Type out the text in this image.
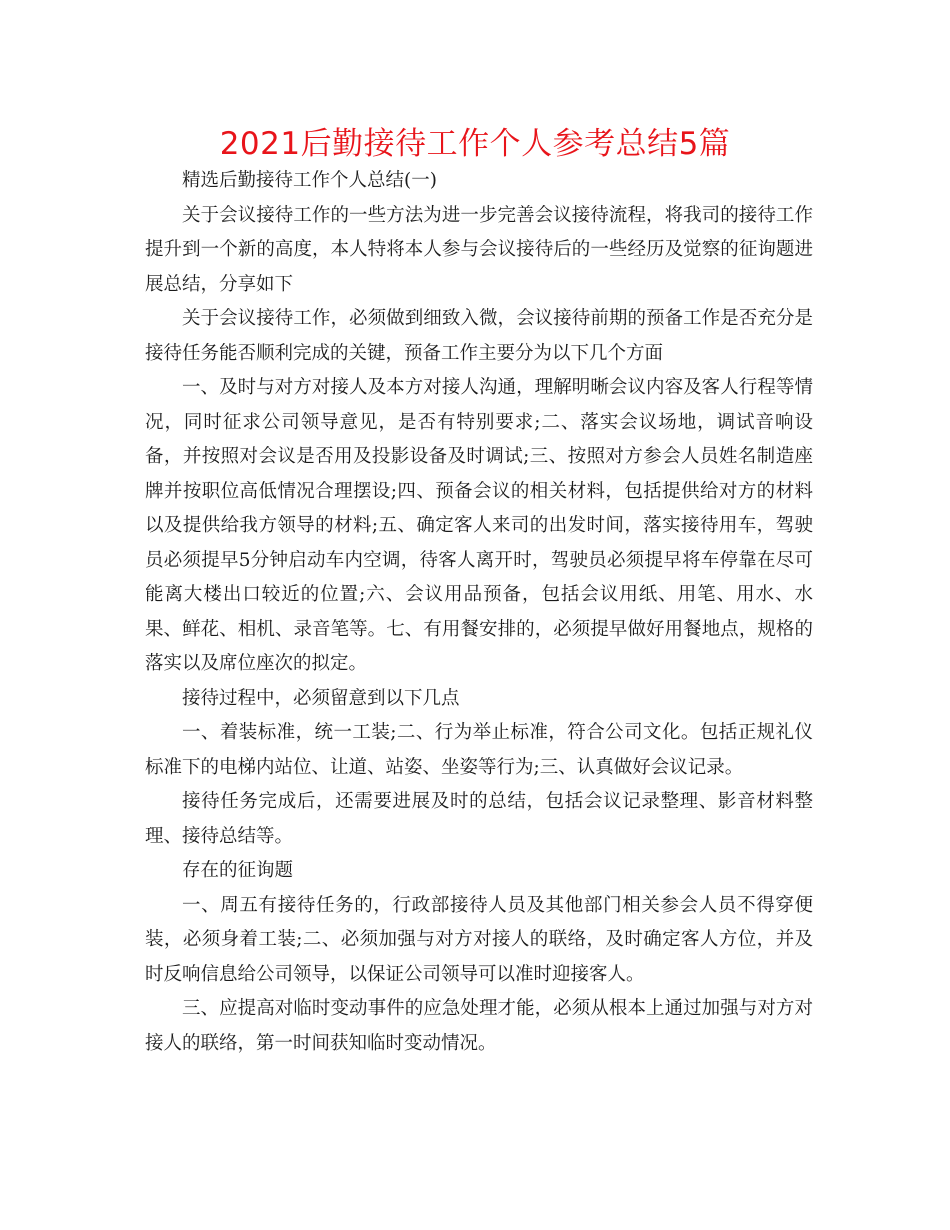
2021后勤接待工作个人参考总结5篇

精选后勤接待工作个人总结(一)

关于会议接待工作的一些方法为进一步完善会议接待流程，将我司的接待工作提升到一个新的高度，本人特将本人参与会议接待后的一些经历及觉察的征询题进展总结，分享如下

关于会议接待工作，必须做到细致入微，会议接待前期的预备工作是否充分是接待任务能否顺利完成的关键，预备工作主要分为以下几个方面

一、及时与对方对接人及本方对接人沟通，理解明晰会议内容及客人行程等情况，同时征求公司领导意见，是否有特别要求;二、落实会议场地，调试音响设备，并按照对会议是否用及投影设备及时调试;三、按照对方参会人员姓名制造座牌并按职位高低情况合理摆设;四、预备会议的相关材料，包括提供给对方的材料以及提供给我方领导的材料;五、确定客人来司的出发时间，落实接待用车，驾驶员必须提早5分钟启动车内空调，待客人离开时，驾驶员必须提早将车停靠在尽可能离大楼出口较近的位置;六、会议用品预备，包括会议用纸、用笔、用水、水果、鲜花、相机、录音笔等。七、有用餐安排的，必须提早做好用餐地点，规格的落实以及席位座次的拟定。

接待过程中，必须留意到以下几点

一、着装标准，统一工装;二、行为举止标准，符合公司文化。包括正规礼仪标准下的电梯内站位、让道、站姿、坐姿等行为;三、认真做好会议记录。

接待任务完成后，还需要进展及时的总结，包括会议记录整理、影音材料整理、接待总结等。

存在的征询题

一、周五有接待任务的，行政部接待人员及其他部门相关参会人员不得穿便装，必须身着工装;二、必须加强与对方对接人的联络，及时确定客人方位，并及时反响信息给公司领导，以保证公司领导可以准时迎接客人。

三、应提高对临时变动事件的应急处理才能，必须从根本上通过加强与对方对接人的联络，第一时间获知临时变动情况。
